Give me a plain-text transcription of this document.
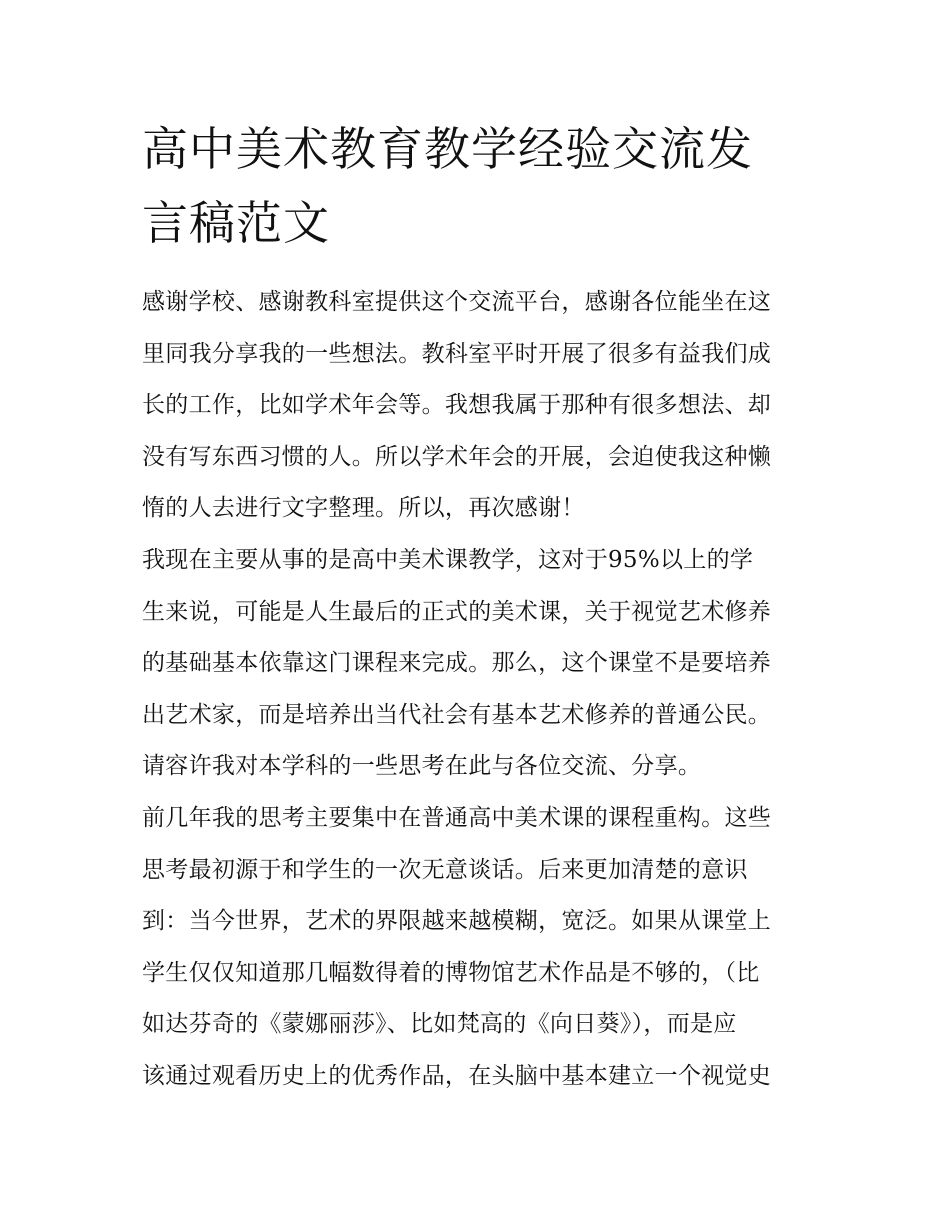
高中美术教育教学经验交流发
言稿范文
感谢学校、感谢教科室提供这个交流平台，感谢各位能坐在这
里同我分享我的一些想法。教科室平时开展了很多有益我们成
长的工作，比如学术年会等。我想我属于那种有很多想法、却
没有写东西习惯的人。所以学术年会的开展，会迫使我这种懒
惰的人去进行文字整理。所以，再次感谢！
我现在主要从事的是高中美术课教学，这对于95%以上的学
生来说，可能是人生最后的正式的美术课，关于视觉艺术修养
的基础基本依靠这门课程来完成。那么，这个课堂不是要培养
出艺术家，而是培养出当代社会有基本艺术修养的普通公民。
请容许我对本学科的一些思考在此与各位交流、分享。
前几年我的思考主要集中在普通高中美术课的课程重构。这些
思考最初源于和学生的一次无意谈话。后来更加清楚的意识
到：当今世界，艺术的界限越来越模糊，宽泛。如果从课堂上
学生仅仅知道那几幅数得着的博物馆艺术作品是不够的，（比
如达芬奇的《蒙娜丽莎》、比如梵高的《向日葵》），而是应
该通过观看历史上的优秀作品，在头脑中基本建立一个视觉史
